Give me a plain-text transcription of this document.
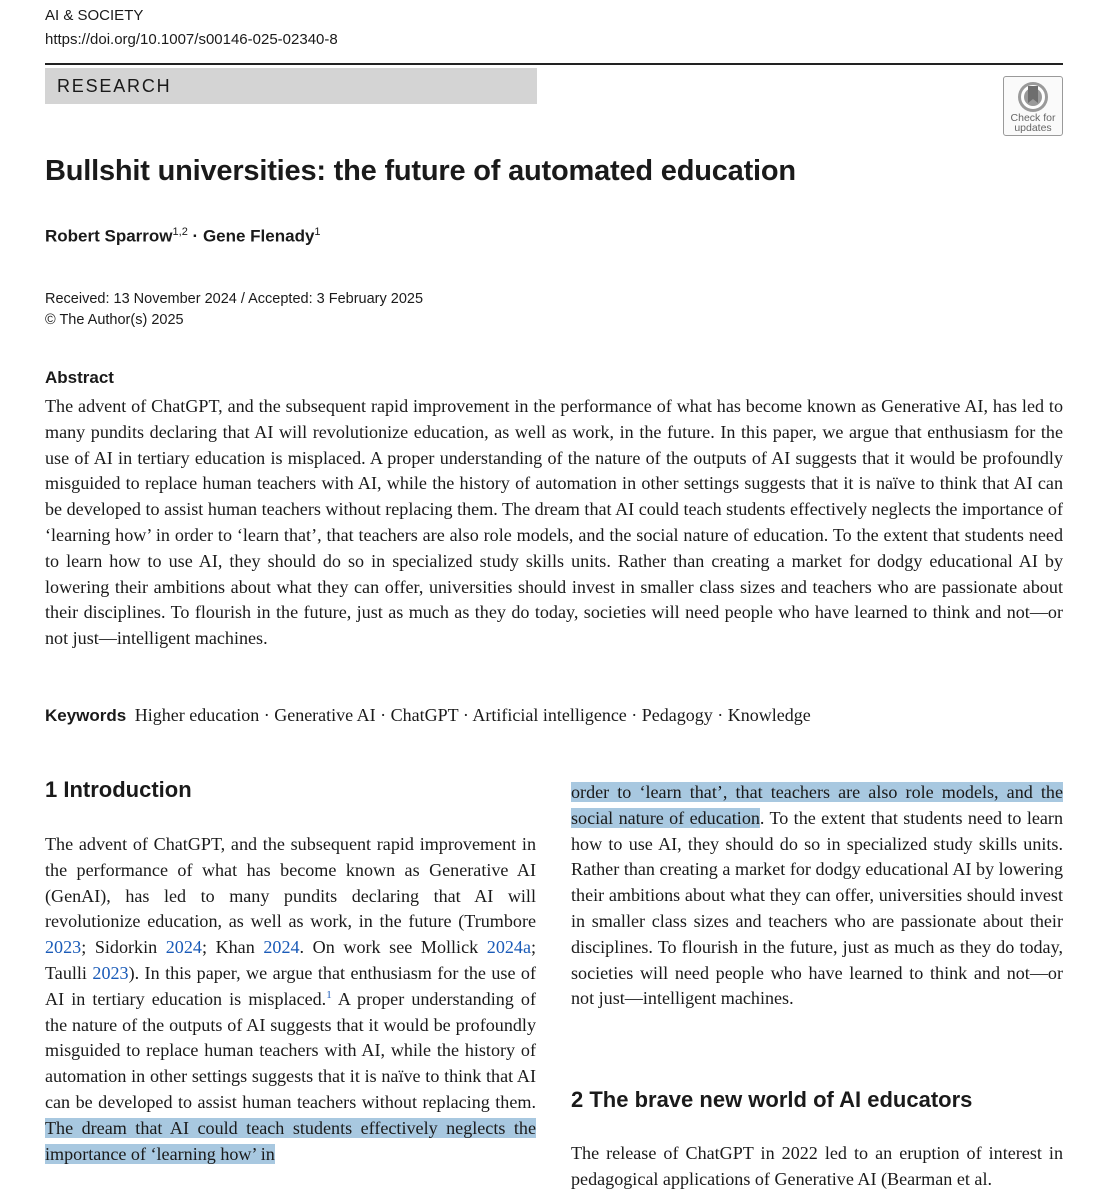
AI & SOCIETY
https://doi.org/10.1007/s00146-025-02340-8
RESEARCH
Check for
updates
Bullshit universities: the future of automated education
Robert Sparrow$^{1,2}$ · Gene Flenady$^1$
Received: 13 November 2024 / Accepted: 3 February 2025
© The Author(s) 2025
Abstract

The advent of ChatGPT, and the subsequent rapid improvement in the performance of what has become known as Generative AI, has led to many pundits declaring that AI will revolutionize education, as well as work, in the future. In this paper, we argue that enthusiasm for the use of AI in tertiary education is misplaced. A proper understanding of the nature of the outputs of AI suggests that it would be profoundly misguided to replace human teachers with AI, while the history of automation in other settings suggests that it is naïve to think that AI can be developed to assist human teachers without replacing them. The dream that AI could teach students effectively neglects the importance of ‘learning how’ in order to ‘learn that’, that teachers are also role models, and the social nature of education. To the extent that students need to learn how to use AI, they should do so in specialized study skills units. Rather than creating a market for dodgy educational AI by lowering their ambitions about what they can offer, universities should invest in smaller class sizes and teachers who are passionate about their disciplines. To flourish in the future, just as much as they do today, societies will need people who have learned to think and not—or not just—intelligent machines.

Keywords Higher education · Generative AI · ChatGPT · Artificial intelligence · Pedagogy · Knowledge
1 Introduction

The advent of ChatGPT, and the subsequent rapid improvement in the performance of what has become known as Generative AI (GenAI), has led to many pundits declaring that AI will revolutionize education, as well as work, in the future (Trumbore 2023; Sidorkin 2024; Khan 2024. On work see Mollick 2024a; Taulli 2023). In this paper, we argue that enthusiasm for the use of AI in tertiary education is misplaced.$^1$ A proper understanding of the nature of the outputs of AI suggests that it would be profoundly misguided to replace human teachers with AI, while the history of automation in other settings suggests that it is naïve to think that AI can be developed to assist human teachers without replacing them. The dream that AI could teach students effectively neglects the importance of ‘learning how’ in

order to ‘learn that’, that teachers are also role models, and the social nature of education. To the extent that students need to learn how to use AI, they should do so in specialized study skills units. Rather than creating a market for dodgy educational AI by lowering their ambitions about what they can offer, universities should invest in smaller class sizes and teachers who are passionate about their disciplines. To flourish in the future, just as much as they do today, societies will need people who have learned to think and not—or not just—intelligent machines.

2 The brave new world of AI educators

The release of ChatGPT in 2022 led to an eruption of interest in pedagogical applications of Generative AI (Bearman et al.
